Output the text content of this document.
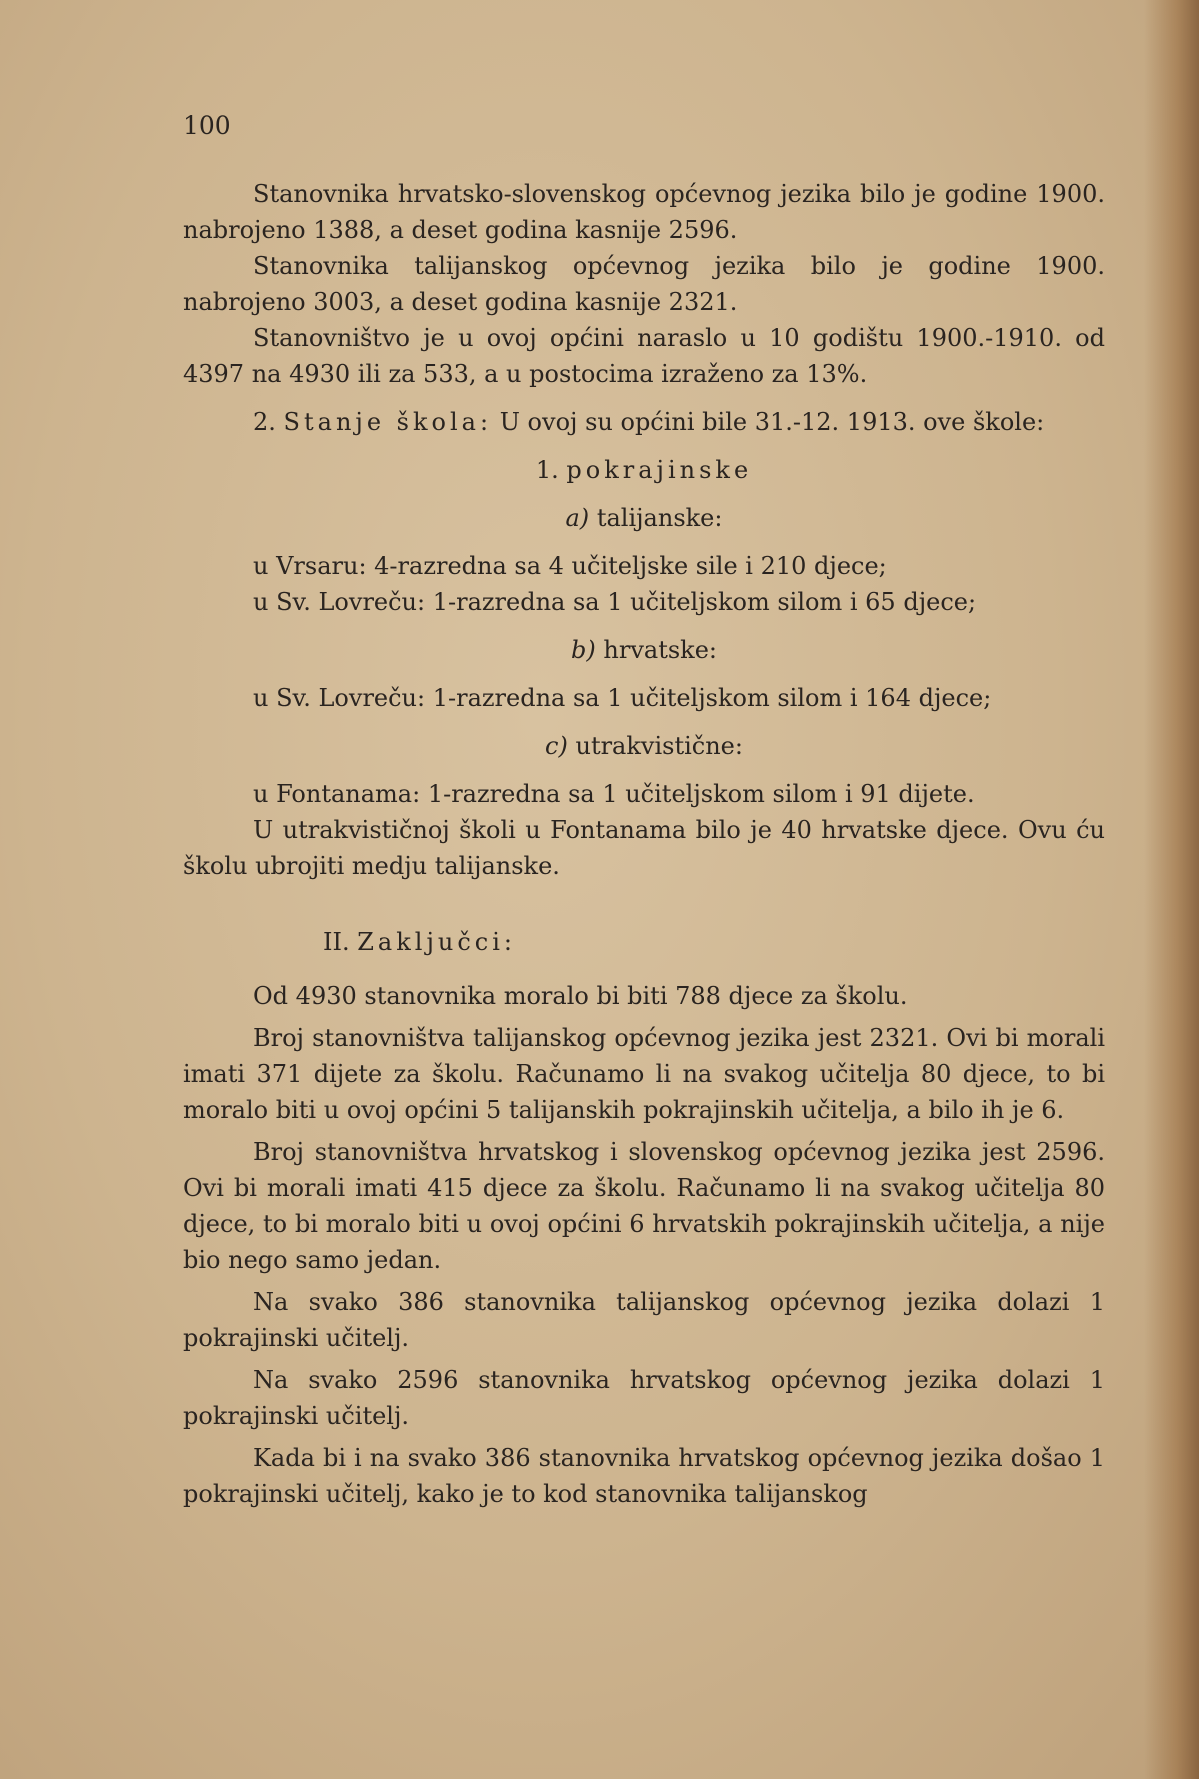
100

Stanovnika hrvatsko-slovenskog općevnog jezika bilo je godine 1900. nabrojeno 1388, a deset godina kasnije 2596.

Stanovnika talijanskog općevnog jezika bilo je godine 1900. nabrojeno 3003, a deset godina kasnije 2321.

Stanovništvo je u ovoj općini naraslo u 10 godištu 1900.-1910. od 4397 na 4930 ili za 533, a u postocima izraženo za 13%.

2. Stanje škola: U ovoj su općini bile 31.-12. 1913. ove škole:

1. pokrajinske
a) talijanske:

u Vrsaru: 4-razredna sa 4 učiteljske sile i 210 djece;

u Sv. Lovreču: 1-razredna sa 1 učiteljskom silom i 65 djece;

b) hrvatske:

u Sv. Lovreču: 1-razredna sa 1 učiteljskom silom i 164 djece;

c) utrakvistične:

u Fontanama: 1-razredna sa 1 učiteljskom silom i 91 dijete.

U utrakvističnoj školi u Fontanama bilo je 40 hrvatske djece. Ovu ću školu ubrojiti medju talijanske.

II. Zaključci:

Od 4930 stanovnika moralo bi biti 788 djece za školu.

Broj stanovništva talijanskog općevnog jezika jest 2321. Ovi bi morali imati 371 dijete za školu. Računamo li na svakog učitelja 80 djece, to bi moralo biti u ovoj općini 5 talijanskih pokrajinskih učitelja, a bilo ih je 6.

Broj stanovništva hrvatskog i slovenskog općevnog jezika jest 2596. Ovi bi morali imati 415 djece za školu. Računamo li na svakog učitelja 80 djece, to bi moralo biti u ovoj općini 6 hrvatskih pokrajinskih učitelja, a nije bio nego samo jedan.

Na svako 386 stanovnika talijanskog općevnog jezika dolazi 1 pokrajinski učitelj.

Na svako 2596 stanovnika hrvatskog općevnog jezika dolazi 1 pokrajinski učitelj.

Kada bi i na svako 386 stanovnika hrvatskog općevnog jezika došao 1 pokrajinski učitelj, kako je to kod stanovnika talijanskog
